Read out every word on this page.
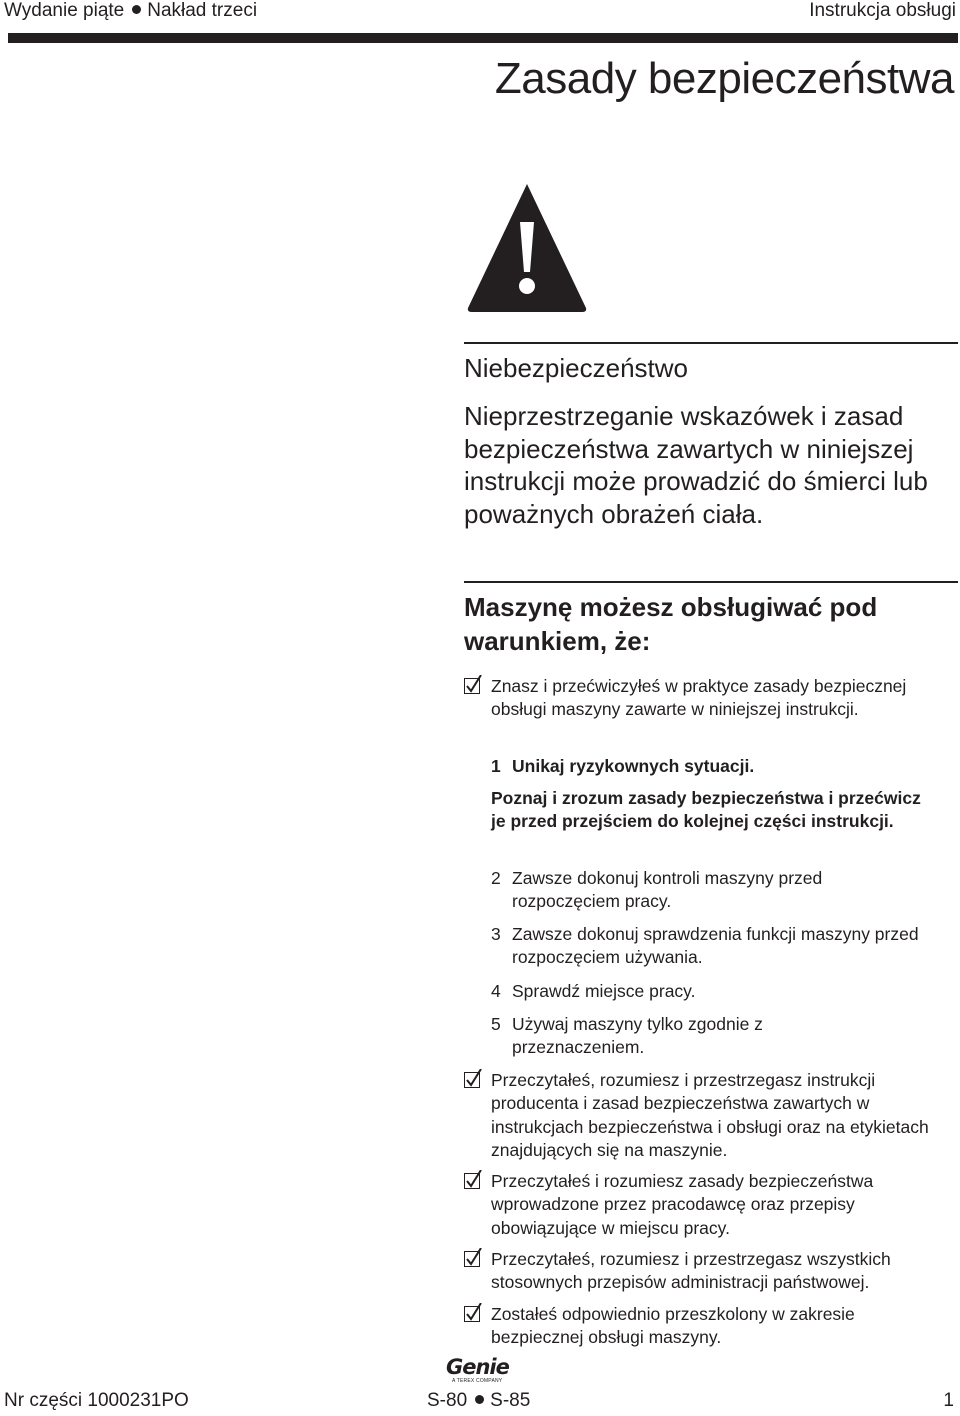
Wydanie piąte Nakład trzeci	Instrukcja obsługi
Zasady bezpieczeństwa
Niebezpieczeństwo

Nieprzestrzeganie wskazówek i zasad bezpieczeństwa zawartych w niniejszej instrukcji może prowadzić do śmierci lub poważnych obrażeń ciała.

Maszynę możesz obsługiwać pod warunkiem, że:

Znasz i przećwiczyłeś w praktyce zasady bezpiecznej obsługi maszyny zawarte w niniejszej instrukcji.

1 Unikaj ryzykownych sytuacji.

Poznaj i zrozum zasady bezpieczeństwa i przećwicz je przed przejściem do kolejnej części instrukcji.

2 Zawsze dokonuj kontroli maszyny przed rozpoczęciem pracy.

3 Zawsze dokonuj sprawdzenia funkcji maszyny przed rozpoczęciem używania.

4 Sprawdź miejsce pracy.

5 Używaj maszyny tylko zgodnie z przeznaczeniem.

Przeczytałeś, rozumiesz i przestrzegasz instrukcji producenta i zasad bezpieczeństwa zawartych w instrukcjach bezpieczeństwa i obsługi oraz na etykietach znajdujących się na maszynie.

Przeczytałeś i rozumiesz zasady bezpieczeństwa wprowadzone przez pracodawcę oraz przepisy obowiązujące w miejscu pracy.

Przeczytałeś, rozumiesz i przestrzegasz wszystkich stosownych przepisów administracji państwowej.

Zostałeś odpowiednio przeszkolony w zakresie bezpiecznej obsługi maszyny.

Genie
A TEREX COMPANY
Nr części 1000231PO	S-80 S-85	1
